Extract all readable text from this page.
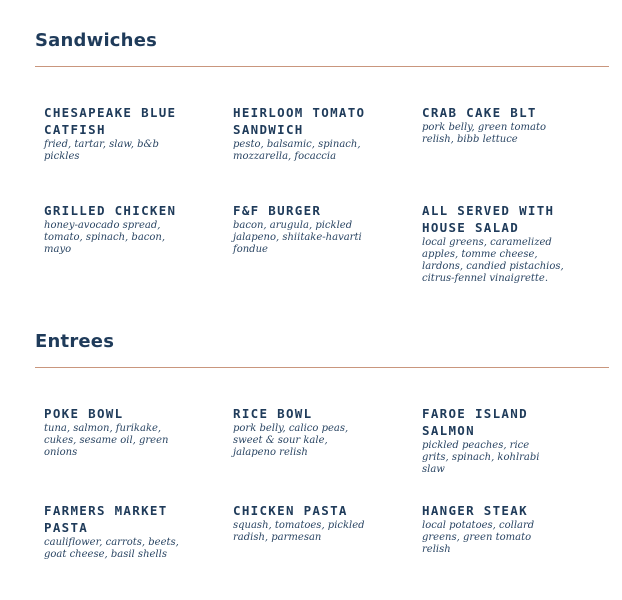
Sandwiches
CHESAPEAKE BLUE CATFISH
fried, tartar, slaw, b&b pickles
HEIRLOOM TOMATO SANDWICH
pesto, balsamic, spinach, mozzarella, focaccia
CRAB CAKE BLT
pork belly, green tomato relish, bibb lettuce
GRILLED CHICKEN
honey-avocado spread, tomato, spinach, bacon, mayo
F&F BURGER
bacon, arugula, pickled jalapeno, shiitake-havarti fondue
ALL SERVED WITH HOUSE SALAD
local greens, caramelized apples, tomme cheese, lardons, candied pistachios, citrus-fennel vinaigrette.
Entrees
POKE BOWL
tuna, salmon, furikake, cukes, sesame oil, green onions
RICE BOWL
pork belly, calico peas, sweet & sour kale, jalapeno relish
FAROE ISLAND SALMON
pickled peaches, rice grits, spinach, kohlrabi slaw
FARMERS MARKET PASTA
cauliflower, carrots, beets, goat cheese, basil shells
CHICKEN PASTA
squash, tomatoes, pickled radish, parmesan
HANGER STEAK
local potatoes, collard greens, green tomato relish
